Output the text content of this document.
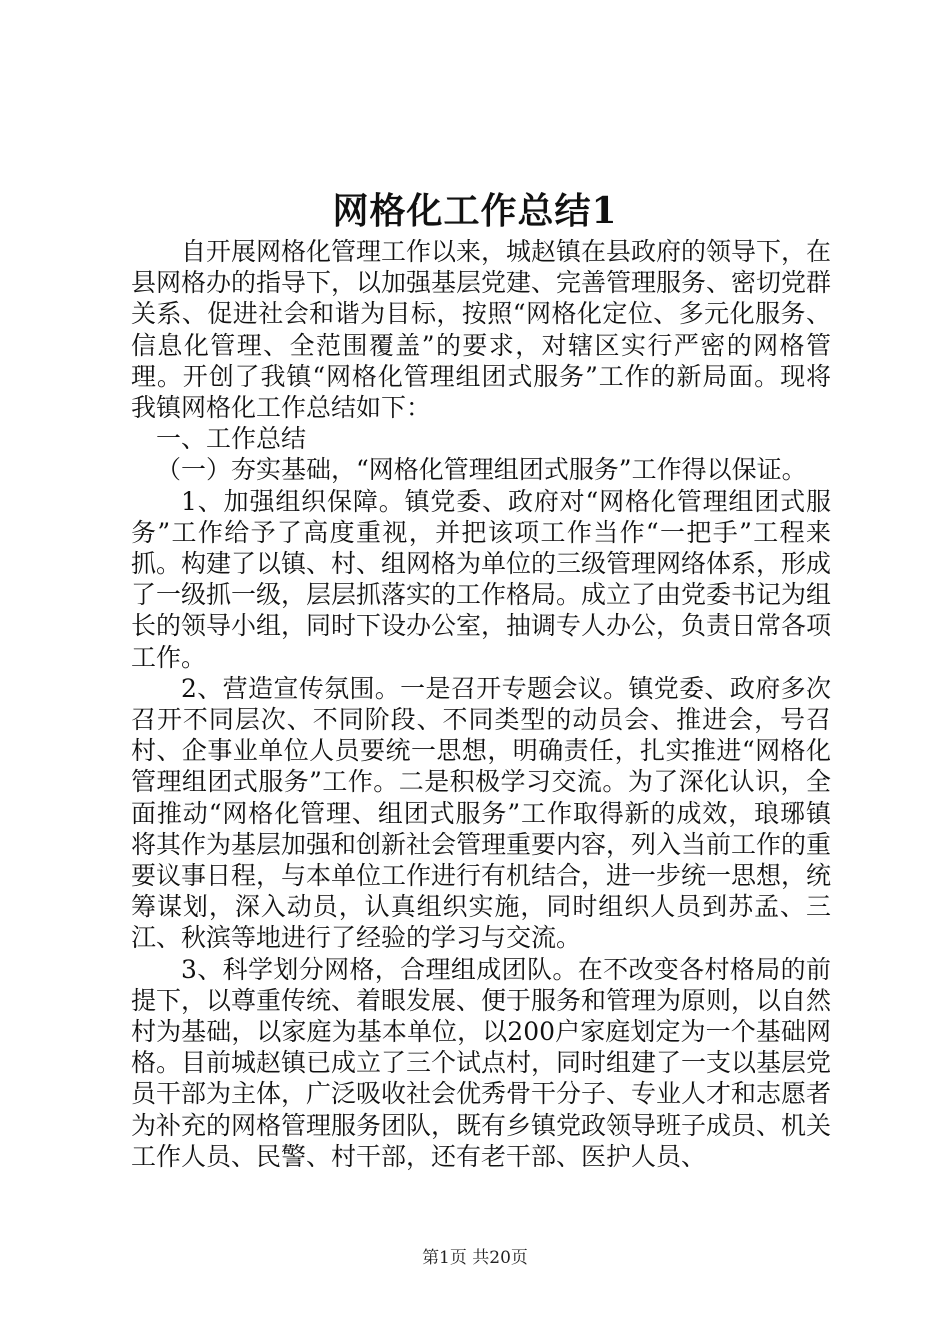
网格化工作总结1

自开展网格化管理工作以来，城赵镇在县政府的领导下，在县网格办的指导下，以加强基层党建、完善管理服务、密切党群关系、促进社会和谐为目标，按照“网格化定位、多元化服务、信息化管理、全范围覆盖”的要求，对辖区实行严密的网格管理。开创了我镇“网格化管理组团式服务”工作的新局面。现将我镇网格化工作总结如下：

一、工作总结

（一）夯实基础，“网格化管理组团式服务”工作得以保证。

1、加强组织保障。镇党委、政府对“网格化管理组团式服务”工作给予了高度重视，并把该项工作当作“一把手”工程来抓。构建了以镇、村、组网格为单位的三级管理网络体系，形成了一级抓一级，层层抓落实的工作格局。成立了由党委书记为组长的领导小组，同时下设办公室，抽调专人办公，负责日常各项工作。

2、营造宣传氛围。一是召开专题会议。镇党委、政府多次召开不同层次、不同阶段、不同类型的动员会、推进会，号召村、企事业单位人员要统一思想，明确责任，扎实推进“网格化管理组团式服务”工作。二是积极学习交流。为了深化认识，全面推动“网格化管理、组团式服务”工作取得新的成效，琅琊镇将其作为基层加强和创新社会管理重要内容，列入当前工作的重要议事日程，与本单位工作进行有机结合，进一步统一思想，统筹谋划，深入动员，认真组织实施，同时组织人员到苏孟、三江、秋滨等地进行了经验的学习与交流。

3、科学划分网格，合理组成团队。在不改变各村格局的前提下，以尊重传统、着眼发展、便于服务和管理为原则，以自然村为基础，以家庭为基本单位，以200户家庭划定为一个基础网格。目前城赵镇已成立了三个试点村，同时组建了一支以基层党员干部为主体，广泛吸收社会优秀骨干分子、专业人才和志愿者为补充的网格管理服务团队，既有乡镇党政领导班子成员、机关工作人员、民警、村干部，还有老干部、医护人员、

第1页 共20页
